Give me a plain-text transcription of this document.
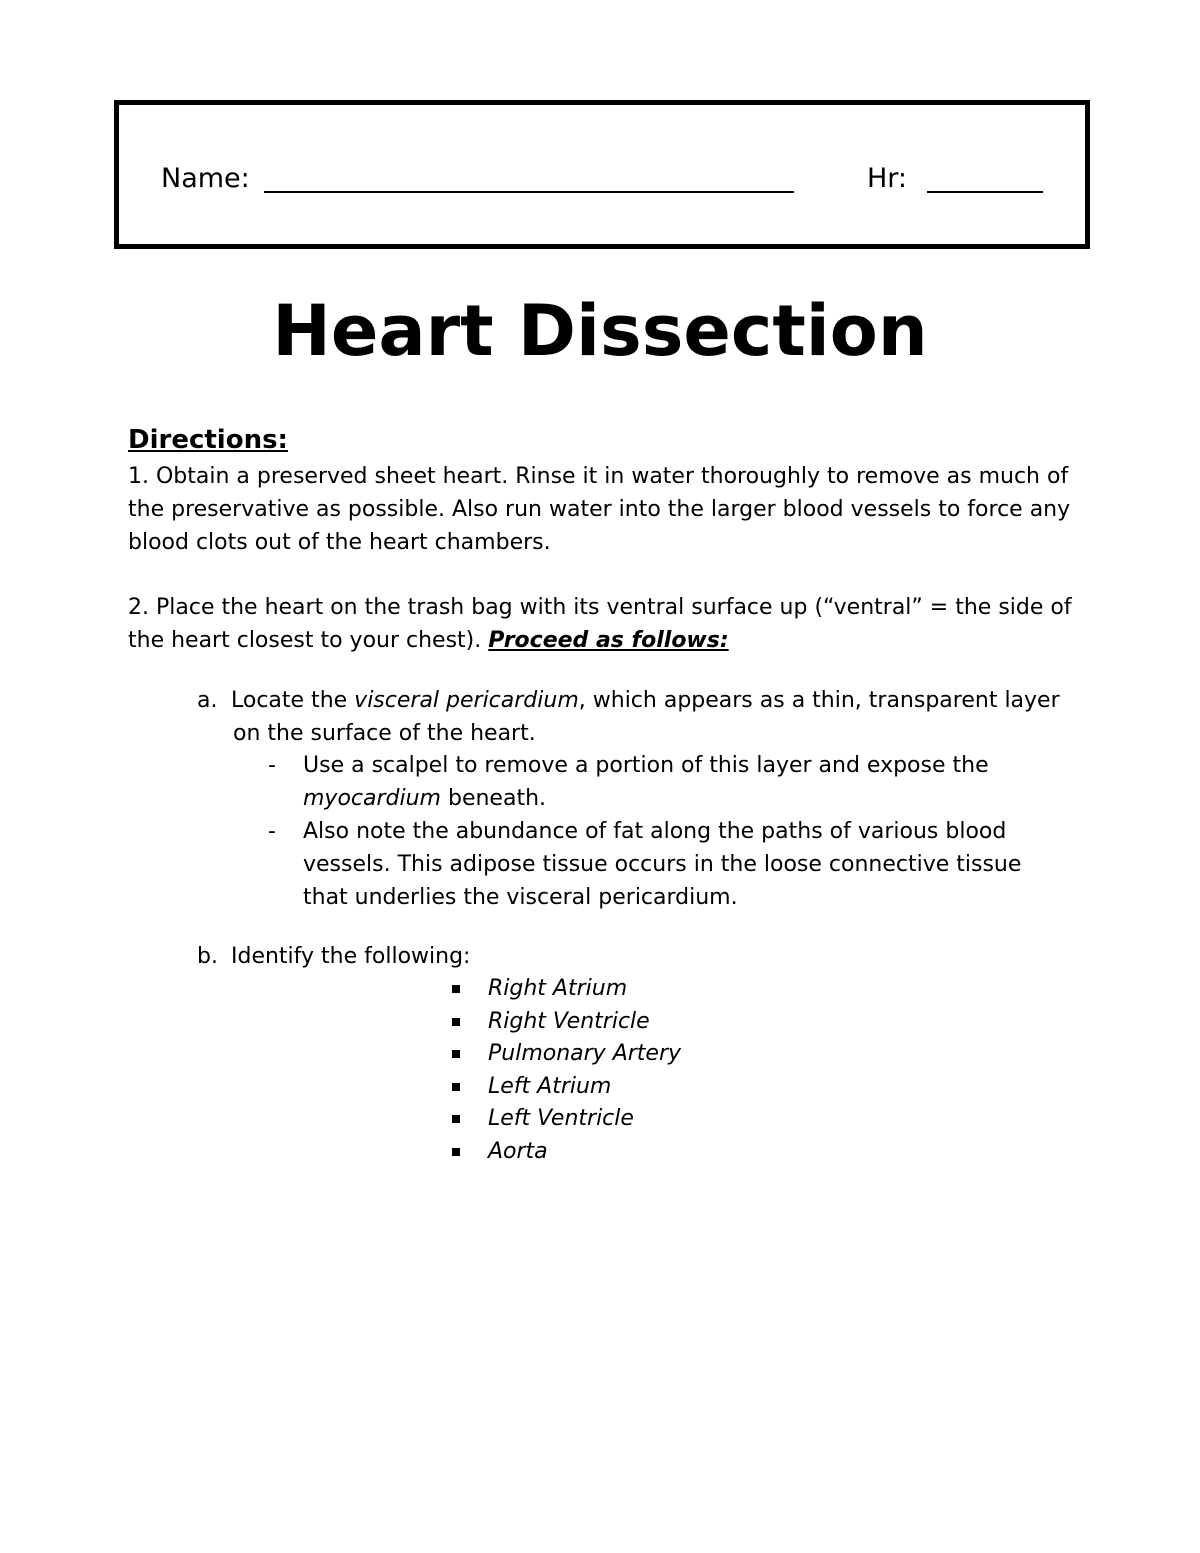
Name:	Hr:
Heart Dissection
Directions:

1. Obtain a preserved sheet heart. Rinse it in water thoroughly to remove as much of the preservative as possible. Also run water into the larger blood vessels to force any blood clots out of the heart chambers.

2. Place the heart on the trash bag with its ventral surface up (“ventral” = the side of the heart closest to your chest). Proceed as follows:

a. Locate the visceral pericardium, which appears as a thin, transparent layer

on the surface of the heart.
- Use a scalpel to remove a portion of this layer and expose the myocardium beneath.

- Also note the abundance of fat along the paths of various blood vessels. This adipose tissue occurs in the loose connective tissue that underlies the visceral pericardium.

b. Identify the following:
Right Atrium
Right Ventricle
Pulmonary Artery
Left Atrium
Left Ventricle
Aorta
